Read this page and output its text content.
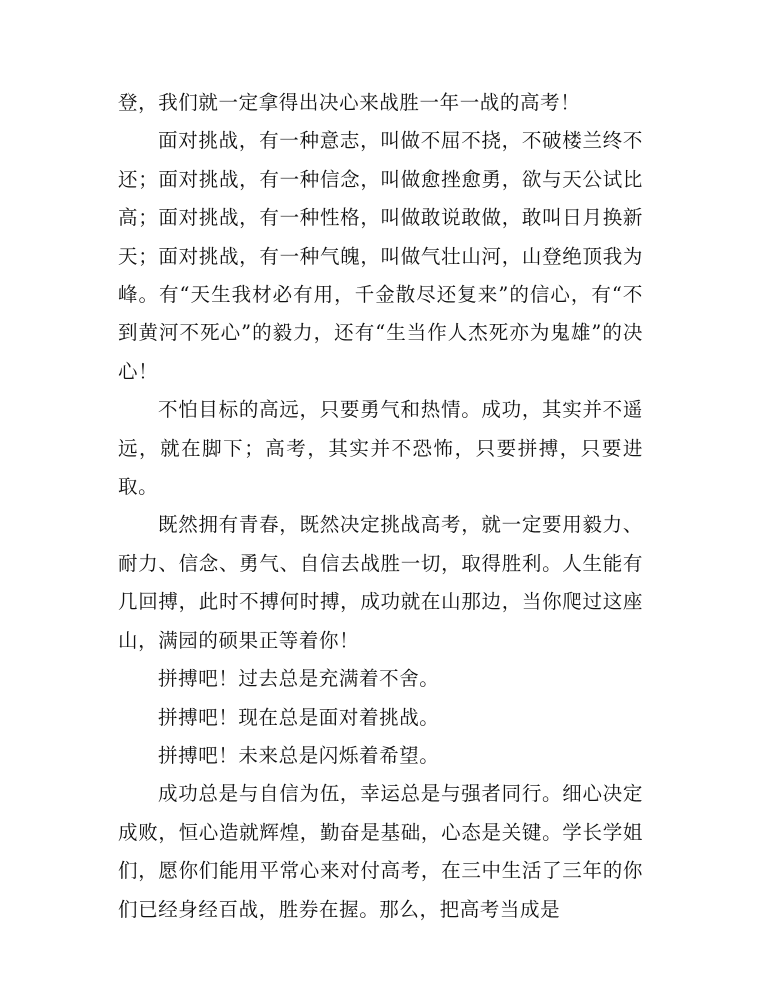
登，我们就一定拿得出决心来战胜一年一战的高考！

面对挑战，有一种意志，叫做不屈不挠，不破楼兰终不还；面对挑战，有一种信念，叫做愈挫愈勇，欲与天公试比高；面对挑战，有一种性格，叫做敢说敢做，敢叫日月换新天；面对挑战，有一种气魄，叫做气壮山河，山登绝顶我为峰。有“天生我材必有用，千金散尽还复来”的信心，有“不到黄河不死心”的毅力，还有“生当作人杰死亦为鬼雄”的决心！

不怕目标的高远，只要勇气和热情。成功，其实并不遥远，就在脚下；高考，其实并不恐怖，只要拼搏，只要进取。

既然拥有青春，既然决定挑战高考，就一定要用毅力、耐力、信念、勇气、自信去战胜一切，取得胜利。人生能有几回搏，此时不搏何时搏，成功就在山那边，当你爬过这座山，满园的硕果正等着你！

拼搏吧！过去总是充满着不舍。

拼搏吧！现在总是面对着挑战。

拼搏吧！未来总是闪烁着希望。

成功总是与自信为伍，幸运总是与强者同行。细心决定成败，恒心造就辉煌，勤奋是基础，心态是关键。学长学姐们，愿你们能用平常心来对付高考，在三中生活了三年的你们已经身经百战，胜券在握。那么，把高考当成是
